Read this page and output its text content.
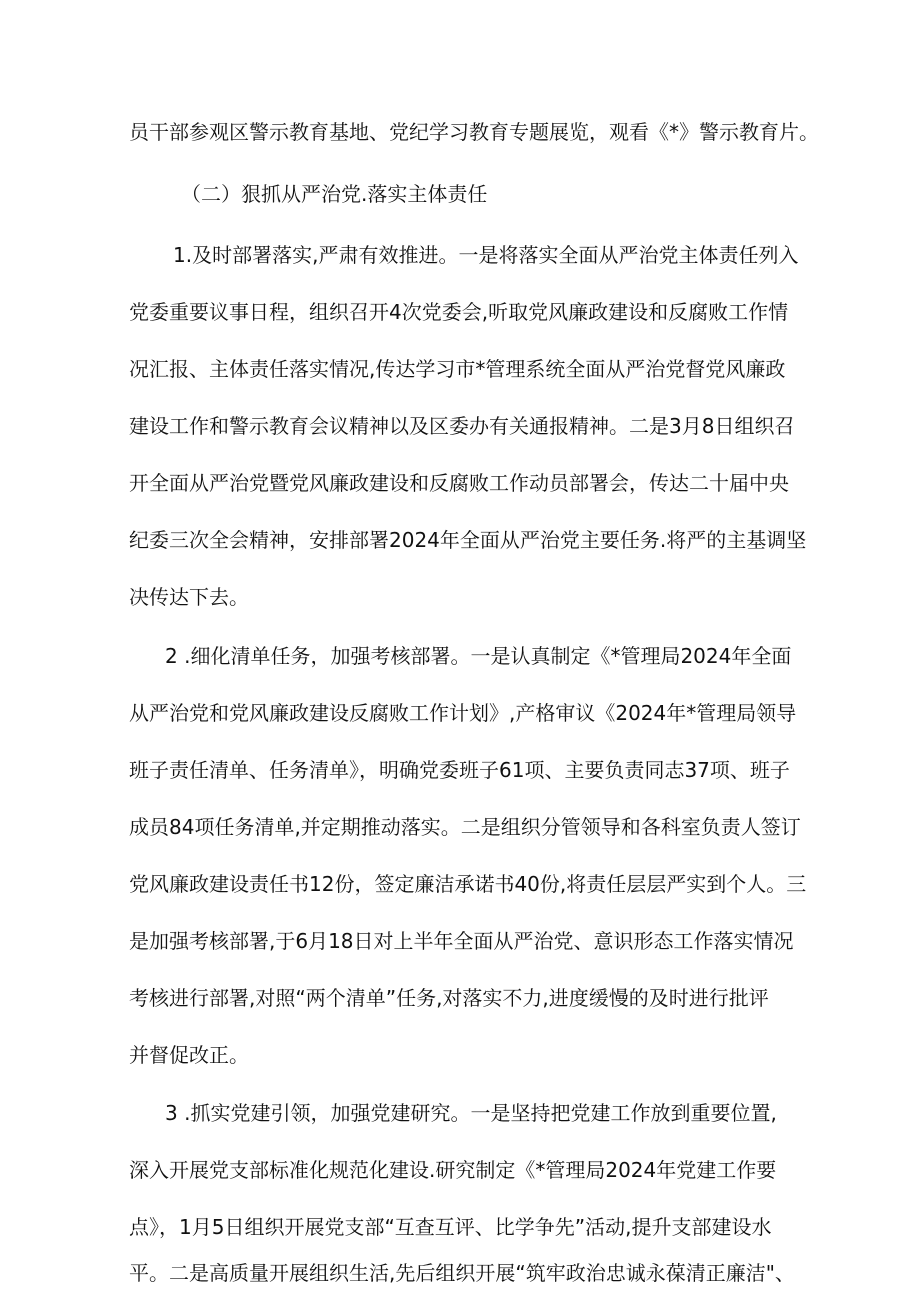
员干部参观区警示教育基地、党纪学习教育专题展览，观看《*》警示教育片。
（二）狠抓从严治党.落实主体责任
1.及时部署落实,严肃有效推进。一是将落实全面从严治党主体责任列入
党委重要议事日程，组织召开4次党委会,听取党风廉政建设和反腐败工作情
况汇报、主体责任落实情况,传达学习市*管理系统全面从严治党督党风廉政
建设工作和警示教育会议精神以及区委办有关通报精神。二是3月8日组织召
开全面从严治党暨党风廉政建设和反腐败工作动员部署会，传达二十届中央
纪委三次全会精神，安排部署2024年全面从严治党主要任务.将严的主基调坚
决传达下去。
2 .细化清单任务，加强考核部署。一是认真制定《*管理局2024年全面
从严治党和党风廉政建设反腐败工作计划》,产格审议《2024年*管理局领导
班子责任清单、任务清单》，明确党委班子61项、主要负责同志37项、班子
成员84项任务清单,并定期推动落实。二是组织分管领导和各科室负责人签订
党风廉政建设责任书12份，签定廉洁承诺书40份,将责任层层严实到个人。三
是加强考核部署,于6月18日对上半年全面从严治党、意识形态工作落实情况
考核进行部署,对照“两个清单”任务,对落实不力,进度缓慢的及时进行批评
并督促改正。
3 .抓实党建引领，加强党建研究。一是坚持把党建工作放到重要位置,
深入开展党支部标准化规范化建设.研究制定《*管理局2024年党建工作要
点》，1月5日组织开展党支部“互查互评、比学争先”活动,提升支部建设水
平。二是高质量开展组织生活,先后组织开展“筑牢政治忠诚永葆清正廉洁"、
